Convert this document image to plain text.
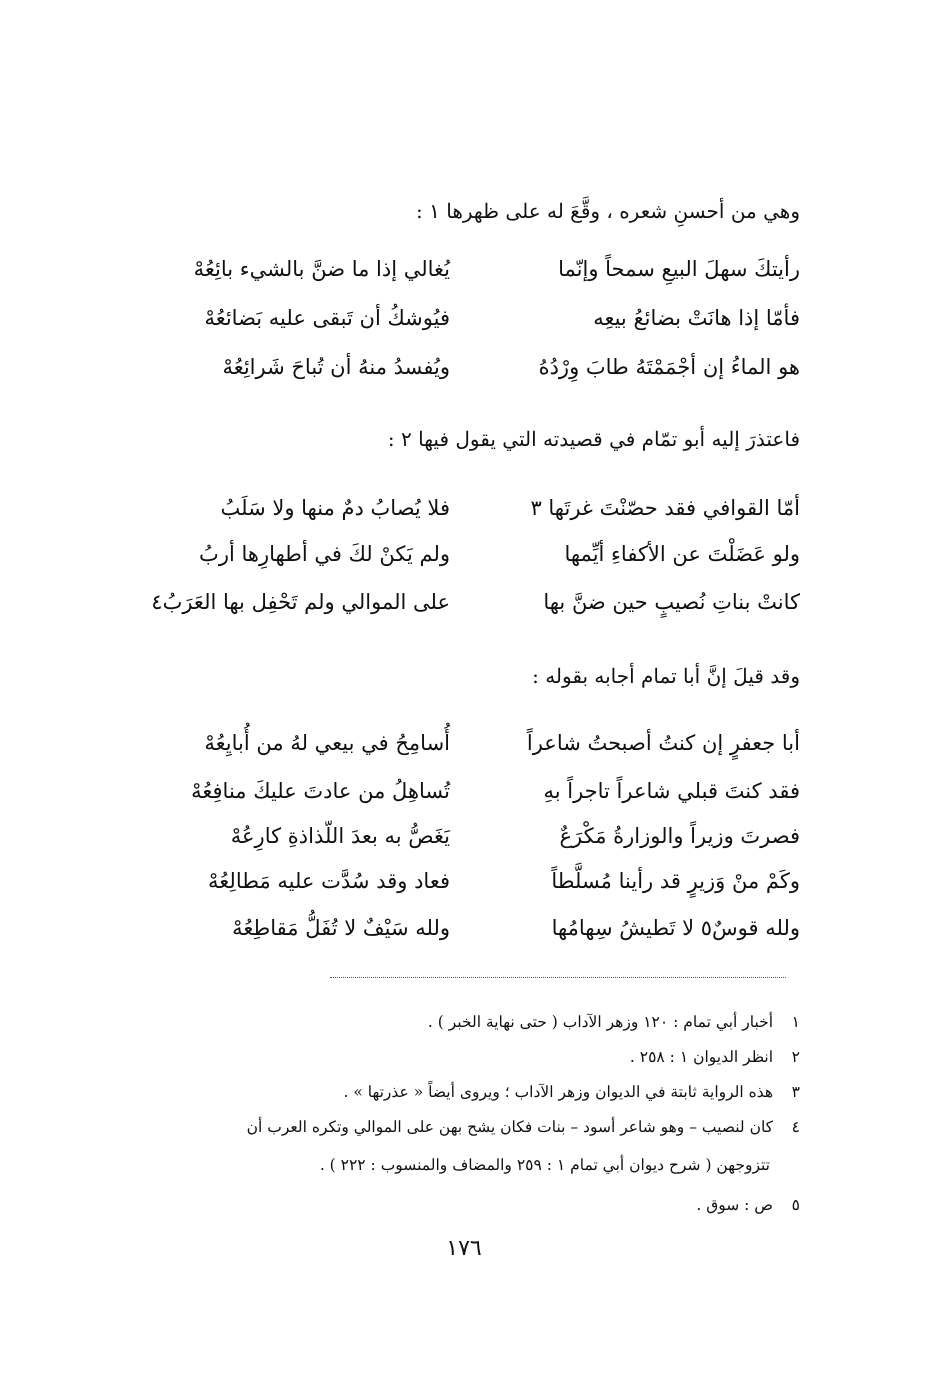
وهي من أحسنِ شعره ، وقَّعَ له على ظهرها ١ :
رأيتكَ سهلَ البيعِ سمحاً وإنّما
يُغالي إذا ما ضنَّ بالشيء بائِعُهْ
فأمّا إذا هانَتْ بضائعُ بيعِه
فيُوشكُ أن تَبقى عليه بَضائعُهْ
هو الماءُ إن أجْمَمْتَهُ طابَ وِرْدُهُ
ويُفسدُ منهُ أن تُباحَ شَرائِعُهْ
فاعتذرَ إليه أبو تمّام في قصيدته التي يقول فيها ٢ :
أمّا القوافي فقد حصّنْتَ غرتَها ٣
فلا يُصابُ دمٌ منها ولا سَلَبُ
ولو عَضَلْتَ عن الأكفاءِ أيِّمها
ولم يَكنْ لكَ في أطهارِها أربُ
كانتْ بناتِ نُصيبٍ حين ضنَّ بها
على الموالي ولم تَحْفِل بها العَرَبُ٤
وقد قيلَ إنَّ أبا تمام أجابه بقوله :
أبا جعفرٍ إن كنتُ أصبحتُ شاعراً
أُسامِحُ في بيعي لهُ من أُبايِعُهْ
فقد كنتَ قبلي شاعراً تاجراً بهِ
تُساهِلُ من عادتَ عليكَ منافِعُهْ
فصرتَ وزيراً والوزارةُ مَكْرَعٌ
يَغَصُّ به بعدَ اللّذاذةِ كارِعُهْ
وكَمْ منْ وَزيرٍ قد رأينا مُسلَّطاً
فعاد وقد سُدَّت عليه مَطالِعُهْ
ولله قوسٌ٥ لا تَطيشُ سِهامُها
ولله سَيْفٌ لا تُفَلُّ مَقاطِعُهْ
١ أخبار أبي تمام : ١٢٠ وزهر الآداب ( حتى نهاية الخبر ) .
٢ انظر الديوان ١ : ٢٥٨ .
٣ هذه الرواية ثابتة في الديوان وزهر الآداب ؛ ويروى أيضاً « عذرتها » .
٤ كان لنصيب – وهو شاعر أسود – بنات فكان يشح بهن على الموالي وتكره العرب أن
تتزوجهن ( شرح ديوان أبي تمام ١ : ٢٥٩ والمضاف والمنسوب : ٢٢٢ ) .
٥ ص : سوق .
١٧٦
